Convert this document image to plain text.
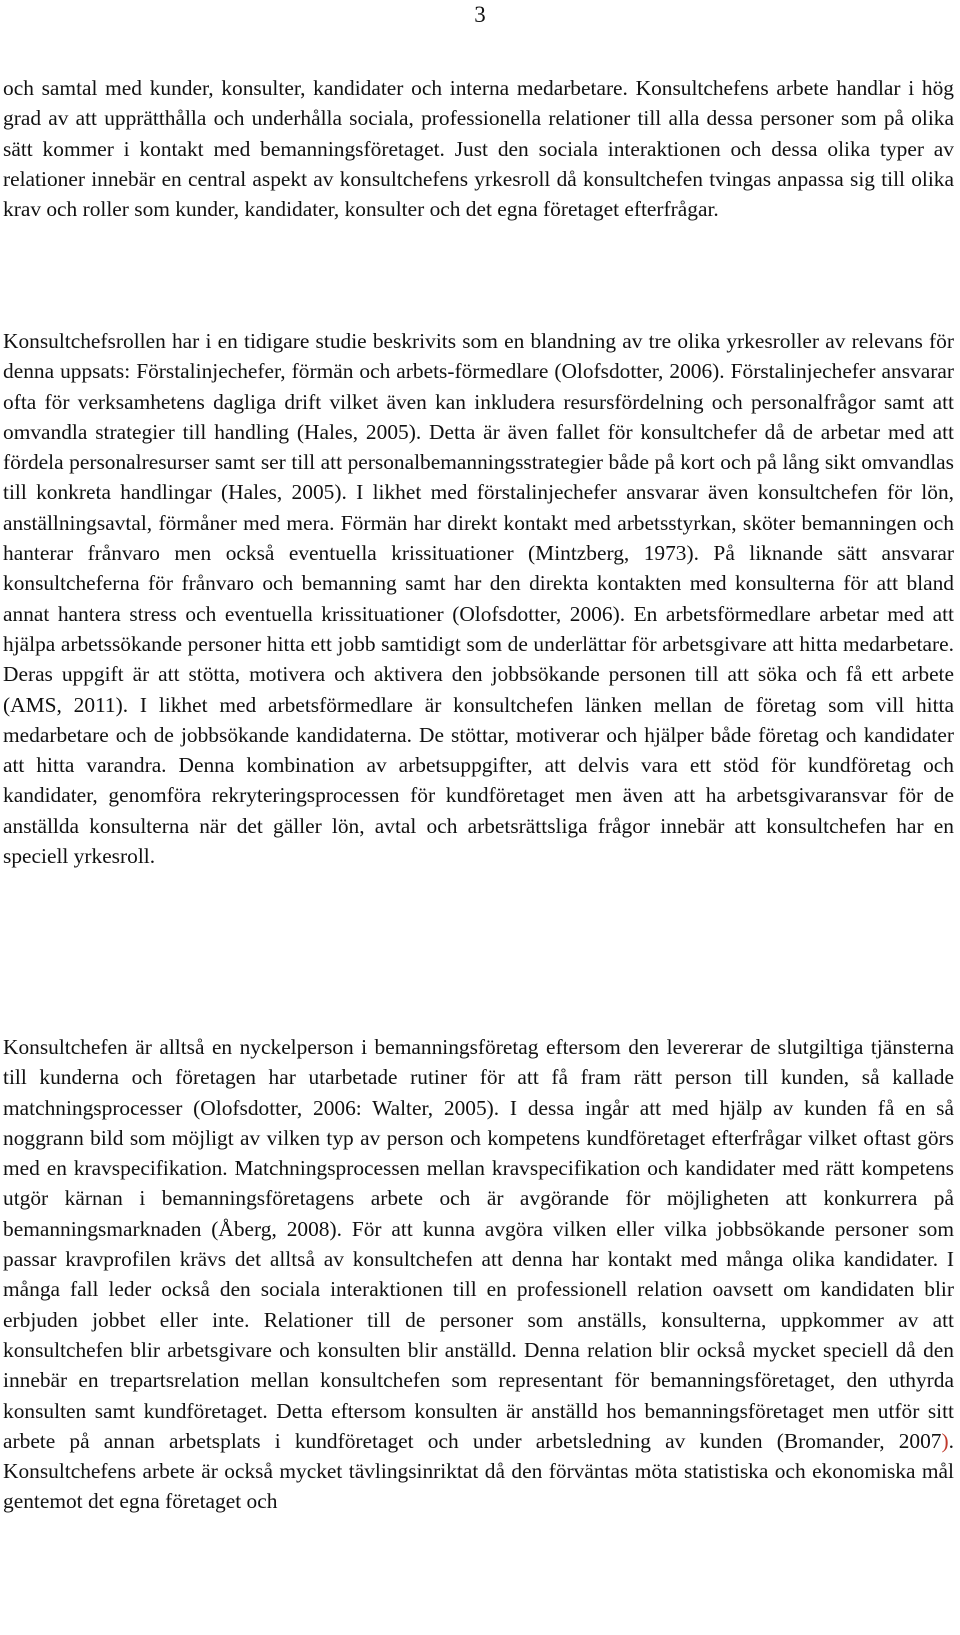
3

och samtal med kunder, konsulter, kandidater och interna medarbetare. Konsultchefens arbete handlar i hög grad av att upprätthålla och underhålla sociala, professionella relationer till alla dessa personer som på olika sätt kommer i kontakt med bemanningsföretaget. Just den sociala interaktionen och dessa olika typer av relationer innebär en central aspekt av konsultchefens yrkesroll då konsultchefen tvingas anpassa sig till olika krav och roller som kunder, kandidater, konsulter och det egna företaget efterfrågar.

Konsultchefsrollen har i en tidigare studie beskrivits som en blandning av tre olika yrkesroller av relevans för denna uppsats: Förstalinjechefer, förmän och arbets-förmedlare (Olofsdotter, 2006). Förstalinjechefer ansvarar ofta för verksamhetens dagliga drift vilket även kan inkludera resursfördelning och personalfrågor samt att omvandla strategier till handling (Hales, 2005). Detta är även fallet för konsultchefer då de arbetar med att fördela personalresurser samt ser till att personalbemanningsstrategier både på kort och på lång sikt omvandlas till konkreta handlingar (Hales, 2005). I likhet med förstalinjechefer ansvarar även konsultchefen för lön, anställningsavtal, förmåner med mera. Förmän har direkt kontakt med arbetsstyrkan, sköter bemanningen och hanterar frånvaro men också eventuella krissituationer (Mintzberg, 1973). På liknande sätt ansvarar konsultcheferna för frånvaro och bemanning samt har den direkta kontakten med konsulterna för att bland annat hantera stress och eventuella krissituationer (Olofsdotter, 2006). En arbetsförmedlare arbetar med att hjälpa arbetssökande personer hitta ett jobb samtidigt som de underlättar för arbetsgivare att hitta medarbetare. Deras uppgift är att stötta, motivera och aktivera den jobbsökande personen till att söka och få ett arbete (AMS, 2011). I likhet med arbetsförmedlare är konsultchefen länken mellan de företag som vill hitta medarbetare och de jobbsökande kandidaterna. De stöttar, motiverar och hjälper både företag och kandidater att hitta varandra. Denna kombination av arbetsuppgifter, att delvis vara ett stöd för kundföretag och kandidater, genomföra rekryteringsprocessen för kundföretaget men även att ha arbetsgivaransvar för de anställda konsulterna när det gäller lön, avtal och arbetsrättsliga frågor innebär att konsultchefen har en speciell yrkesroll.

Konsultchefen är alltså en nyckelperson i bemanningsföretag eftersom den levererar de slutgiltiga tjänsterna till kunderna och företagen har utarbetade rutiner för att få fram rätt person till kunden, så kallade matchningsprocesser (Olofsdotter, 2006: Walter, 2005). I dessa ingår att med hjälp av kunden få en så noggrann bild som möjligt av vilken typ av person och kompetens kundföretaget efterfrågar vilket oftast görs med en kravspecifikation. Matchningsprocessen mellan kravspecifikation och kandidater med rätt kompetens utgör kärnan i bemanningsföretagens arbete och är avgörande för möjligheten att konkurrera på bemanningsmarknaden (Åberg, 2008). För att kunna avgöra vilken eller vilka jobbsökande personer som passar kravprofilen krävs det alltså av konsultchefen att denna har kontakt med många olika kandidater. I många fall leder också den sociala interaktionen till en professionell relation oavsett om kandidaten blir erbjuden jobbet eller inte. Relationer till de personer som anställs, konsulterna, uppkommer av att konsultchefen blir arbetsgivare och konsulten blir anställd. Denna relation blir också mycket speciell då den innebär en trepartsrelation mellan konsultchefen som representant för bemanningsföretaget, den uthyrda konsulten samt kundföretaget. Detta eftersom konsulten är anställd hos bemanningsföretaget men utför sitt arbete på annan arbetsplats i kundföretaget och under arbetsledning av kunden (Bromander, 2007). Konsultchefens arbete är också mycket tävlingsinriktat då den förväntas möta statistiska och ekonomiska mål gentemot det egna företaget och
